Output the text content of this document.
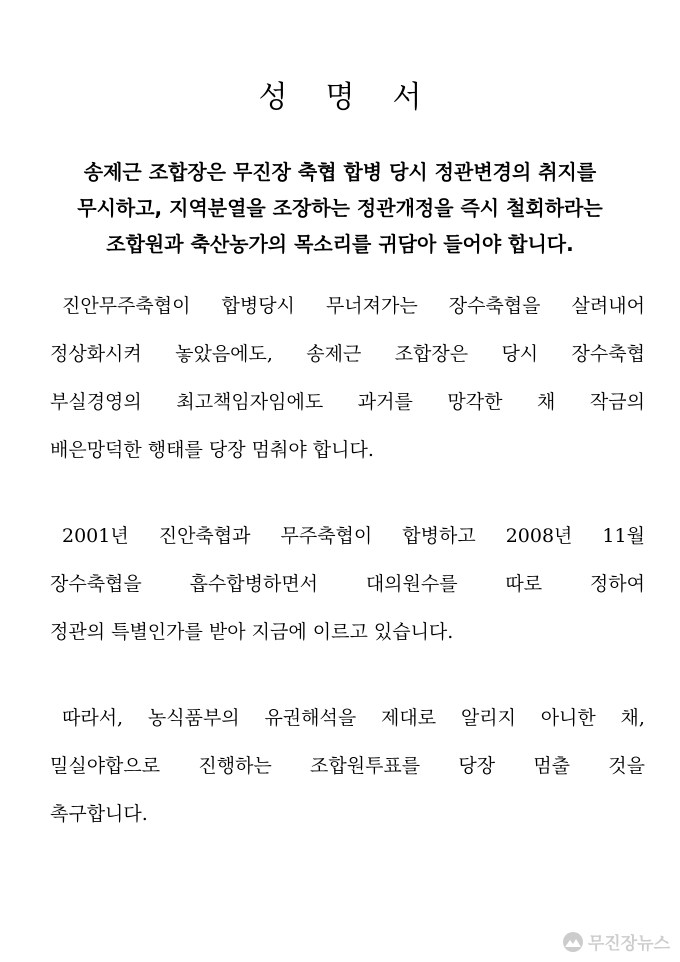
성명서
송제근 조합장은 무진장 축협 합병 당시 정관변경의 취지를
무시하고, 지역분열을 조장하는 정관개정을 즉시 철회하라는
조합원과 축산농가의 목소리를 귀담아 들어야 합니다.
진안무주축협이 합병당시 무너져가는 장수축협을 살려내어
정상화시켜 놓았음에도, 송제근 조합장은 당시 장수축협
부실경영의 최고책임자임에도 과거를 망각한 채 작금의
배은망덕한 행태를 당장 멈춰야 합니다.
2001년 진안축협과 무주축협이 합병하고 2008년 11월
장수축협을	흡수합병하면서	대의원수를	따로	정하여
정관의 특별인가를 받아 지금에 이르고 있습니다.
따라서, 농식품부의 유권해석을 제대로 알리지 아니한 채,
밀실야합으로 진행하는 조합원투표를 당장 멈출 것을
촉구합니다.
무진장뉴스
